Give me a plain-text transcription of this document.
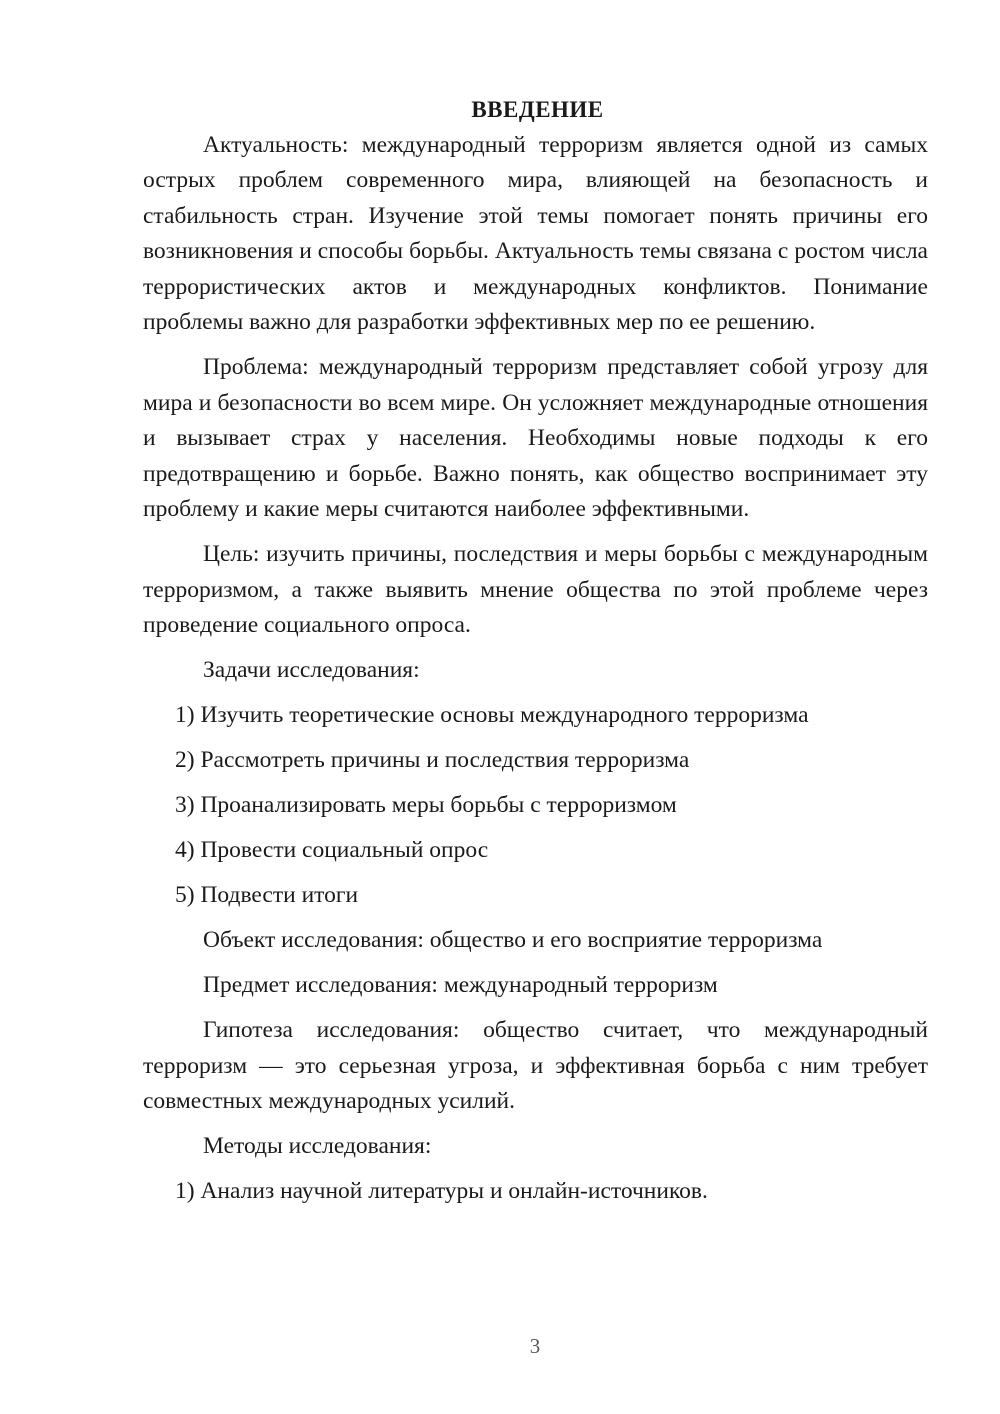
ВВЕДЕНИЕ

Актуальность: международный терроризм является одной из самых острых проблем современного мира, влияющей на безопасность и стабильность стран. Изучение этой темы помогает понять причины его возникновения и способы борьбы. Актуальность темы связана с ростом числа террористических актов и международных конфликтов. Понимание проблемы важно для разработки эффективных мер по ее решению.

Проблема: международный терроризм представляет собой угрозу для мира и безопасности во всем мире. Он усложняет международные отношения и вызывает страх у населения. Необходимы новые подходы к его предотвращению и борьбе. Важно понять, как общество воспринимает эту проблему и какие меры считаются наиболее эффективными.

Цель: изучить причины, последствия и меры борьбы с международным терроризмом, а также выявить мнение общества по этой проблеме через проведение социального опроса.

Задачи исследования:

1) Изучить теоретические основы международного терроризма

2) Рассмотреть причины и последствия терроризма

3) Проанализировать меры борьбы с терроризмом

4) Провести социальный опрос

5) Подвести итоги

Объект исследования: общество и его восприятие терроризма

Предмет исследования: международный терроризм

Гипотеза исследования: общество считает, что международный терроризм — это серьезная угроза, и эффективная борьба с ним требует совместных международных усилий.

Методы исследования:

1) Анализ научной литературы и онлайн-источников.

3
